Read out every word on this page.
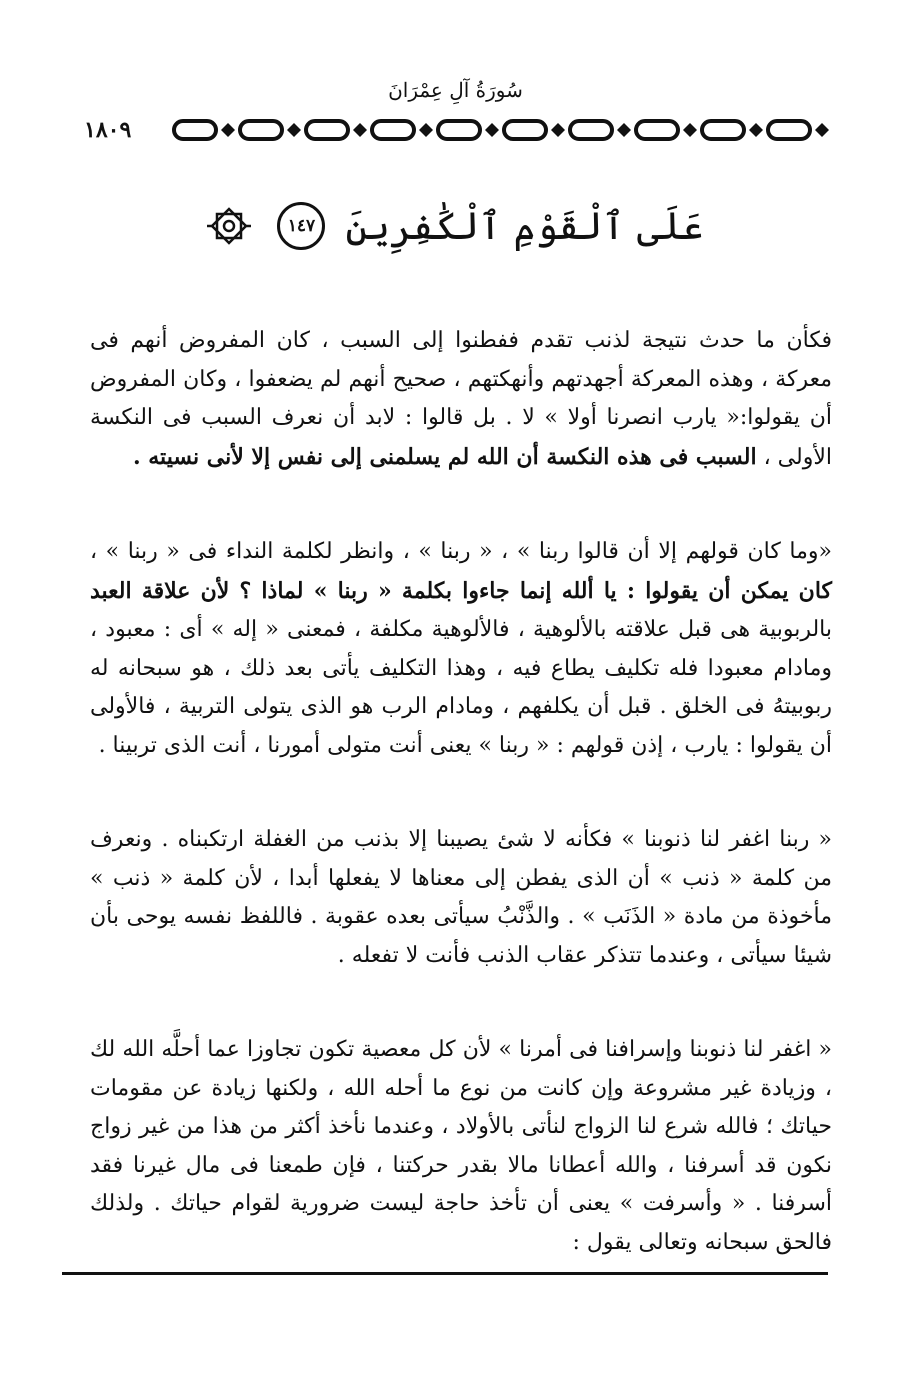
سُورَةُ آلِ عِمْرَانَ
١٨٠٩
عَلَى ٱلْقَوْمِ ٱلْكَٰفِرِينَ ١٤٧

فكأن ما حدث نتيجة لذنب تقدم ففطنوا إلى السبب ، كان المفروض أنهم فى معركة ، وهذه المعركة أجهدتهم وأنهكتهم ، صحيح أنهم لم يضعفوا ، وكان المفروض أن يقولوا:« يارب انصرنا أولا » لا . بل قالوا : لابد أن نعرف السبب فى النكسة الأولى ، السبب فى هذه النكسة أن الله لم يسلمنى إلى نفس إلا لأنى نسيته .

«وما كان قولهم إلا أن قالوا ربنا » ، « ربنا » ، وانظر لكلمة النداء فى « ربنا » ، كان يمكن أن يقولوا : يا ألله إنما جاءوا بكلمة « ربنا » لماذا ؟ لأن علاقة العبد بالربوبية هى قبل علاقته بالألوهية ، فالألوهية مكلفة ، فمعنى « إله » أى : معبود ، ومادام معبودا فله تكليف يطاع فيه ، وهذا التكليف يأتى بعد ذلك ، هو سبحانه له ربوبيتهُ فى الخلق . قبل أن يكلفهم ، ومادام الرب هو الذى يتولى التربية ، فالأولى أن يقولوا : يارب ، إذن قولهم : « ربنا » يعنى أنت متولى أمورنا ، أنت الذى تربينا .

« ربنا اغفر لنا ذنوبنا » فكأنه لا شئ يصيبنا إلا بذنب من الغفلة ارتكبناه . ونعرف من كلمة « ذنب » أن الذى يفطن إلى معناها لا يفعلها أبدا ، لأن كلمة « ذنب » مأخوذة من مادة « الذَنَب » . والذَّنْبُ سيأتى بعده عقوبة . فاللفظ نفسه يوحى بأن شيئا سيأتى ، وعندما تتذكر عقاب الذنب فأنت لا تفعله .

« اغفر لنا ذنوبنا وإسرافنا فى أمرنا » لأن كل معصية تكون تجاوزا عما أحلَّه الله لك ، وزيادة غير مشروعة وإن كانت من نوع ما أحله الله ، ولكنها زيادة عن مقومات حياتك ؛ فالله شرع لنا الزواج لنأتى بالأولاد ، وعندما نأخذ أكثر من هذا من غير زواج نكون قد أسرفنا ، والله أعطانا مالا بقدر حركتنا ، فإن طمعنا فى مال غيرنا فقد أسرفنا . « وأسرفت » يعنى أن تأخذ حاجة ليست ضرورية لقوام حياتك . ولذلك فالحق سبحانه وتعالى يقول :
